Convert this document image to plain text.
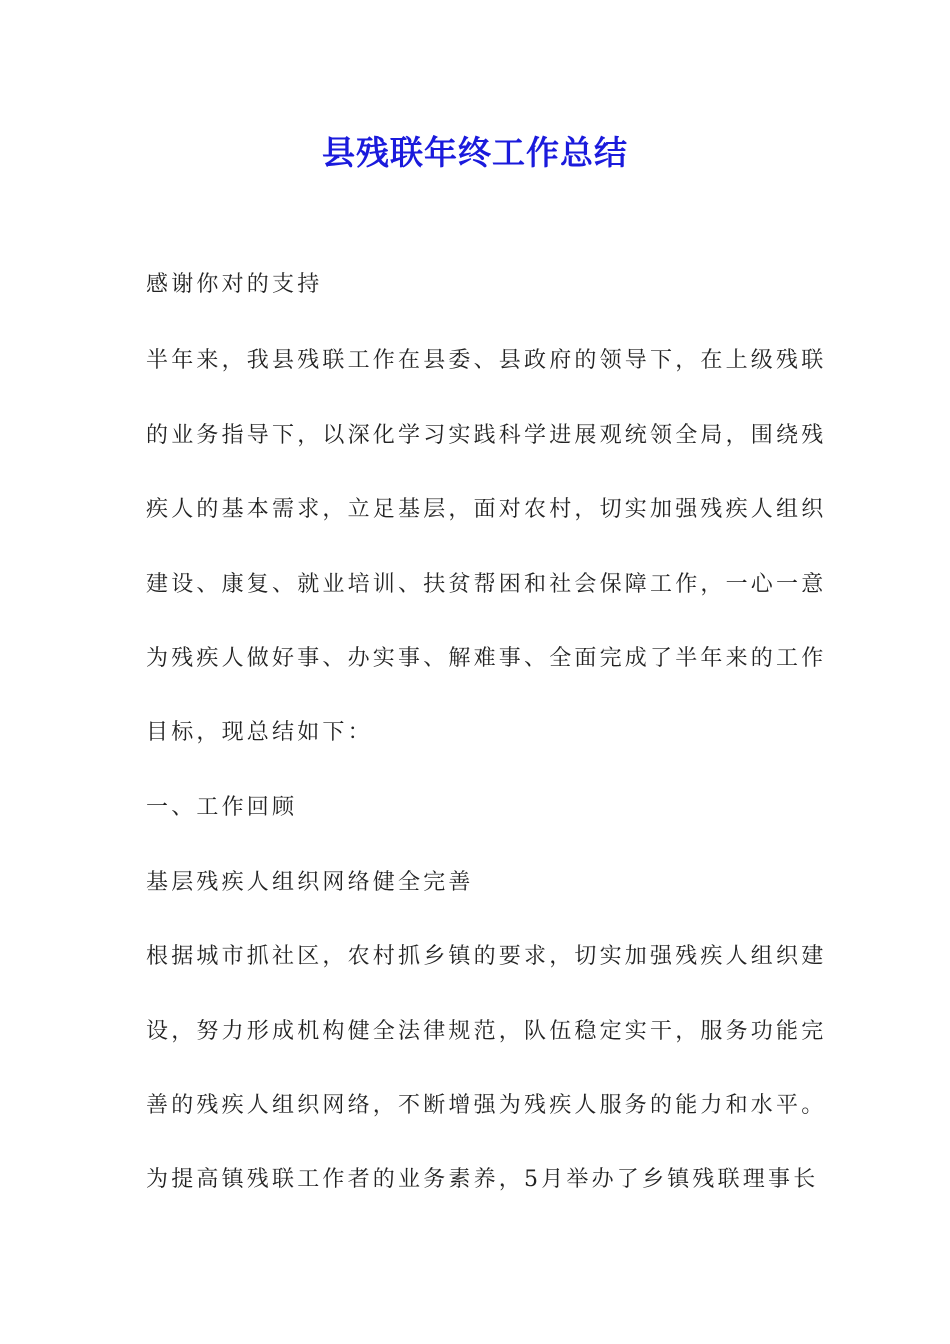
县残联年终工作总结
感谢你对的支持
半年来，我县残联工作在县委、县政府的领导下，在上级残联
的业务指导下，以深化学习实践科学进展观统领全局，围绕残
疾人的基本需求，立足基层，面对农村，切实加强残疾人组织
建设、康复、就业培训、扶贫帮困和社会保障工作，一心一意
为残疾人做好事、办实事、解难事、全面完成了半年来的工作
目标，现总结如下：
一、工作回顾
基层残疾人组织网络健全完善
根据城市抓社区，农村抓乡镇的要求，切实加强残疾人组织建
设，努力形成机构健全法律规范，队伍稳定实干，服务功能完
善的残疾人组织网络，不断增强为残疾人服务的能力和水平。
为提高镇残联工作者的业务素养，5月举办了乡镇残联理事长
